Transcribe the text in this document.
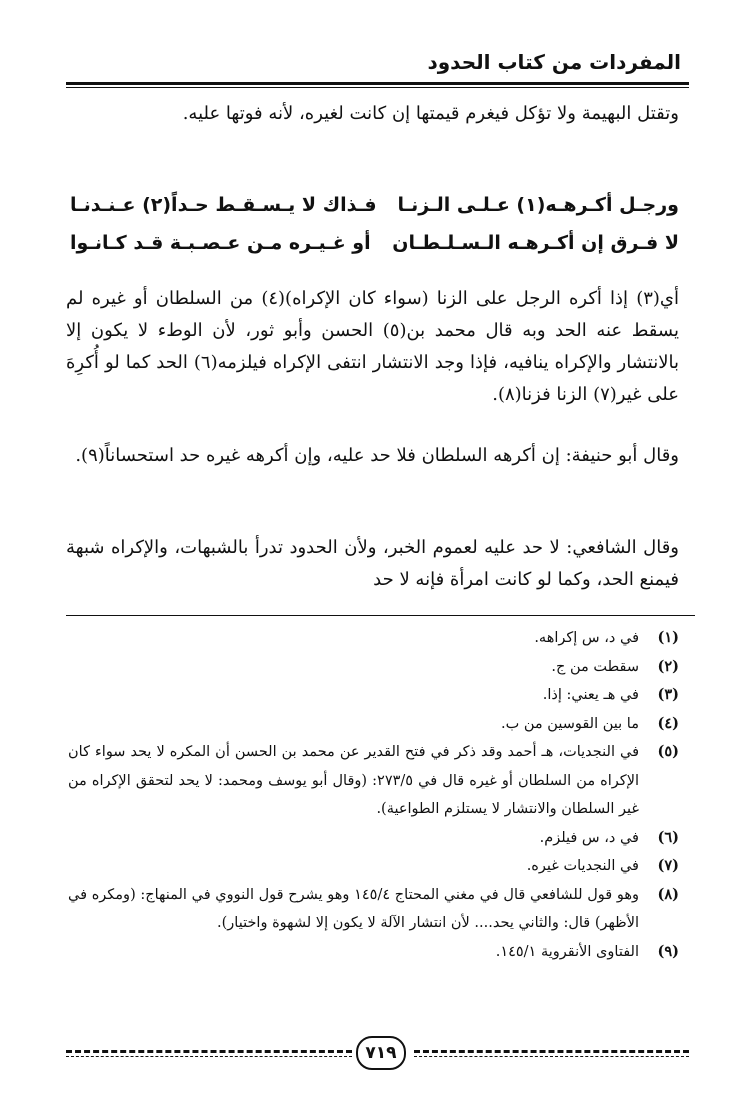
المفردات من كتاب الحدود

وتقتل البهيمة ولا تؤكل فيغرم قيمتها إن كانت لغيره، لأنه فوتها عليه.

ورجـل أكـرهـه(١) عـلـى الـزنـا
فـذاك لا يـسـقـط حـداً(٢) عـنـدنـا
لا فـرق إن أكـرهـه الـسـلـطـان
أو غـيـره مـن عـصـبـة قـد كـانـوا

أي(٣) إذا أكره الرجل على الزنا (سواء كان الإكراه)(٤) من السلطان أو غيره لم يسقط عنه الحد وبه قال محمد بن(٥) الحسن وأبو ثور، لأن الوطء لا يكون إلا بالانتشار والإكراه ينافيه، فإذا وجد الانتشار انتفى الإكراه فيلزمه(٦) الحد كما لو أُكرِهَ على غير(٧) الزنا فزنا(٨).

وقال أبو حنيفة: إن أكرهه السلطان فلا حد عليه، وإن أكرهه غيره حد استحساناً(٩).

وقال الشافعي: لا حد عليه لعموم الخبر، ولأن الحدود تدرأ بالشبهات، والإكراه شبهة فيمنع الحد، وكما لو كانت امرأة فإنه لا حد

(١)
في د، س إكراهه.
(٢)
سقطت من ج.
(٣)
في هـ يعني: إذا.
(٤)
ما بين القوسين من ب.
(٥)
في النجديات، هـ أحمد وقد ذكر في فتح القدير عن محمد بن الحسن أن المكره لا يحد سواء كان الإكراه من السلطان أو غيره قال في ٢٧٣/٥: (وقال أبو يوسف ومحمد: لا يحد لتحقق الإكراه من غير السلطان والانتشار لا يستلزم الطواعية).
(٦)
في د، س فيلزم.
(٧)
في النجديات غيره.
(٨)
وهو قول للشافعي قال في مغني المحتاج ١٤٥/٤ وهو يشرح قول النووي في المنهاج: (ومكره في الأظهر) قال: والثاني يحد.... لأن انتشار الآلة لا يكون إلا لشهوة واختيار).
(٩)
الفتاوى الأنقروية ١٤٥/١.
٧١٩
